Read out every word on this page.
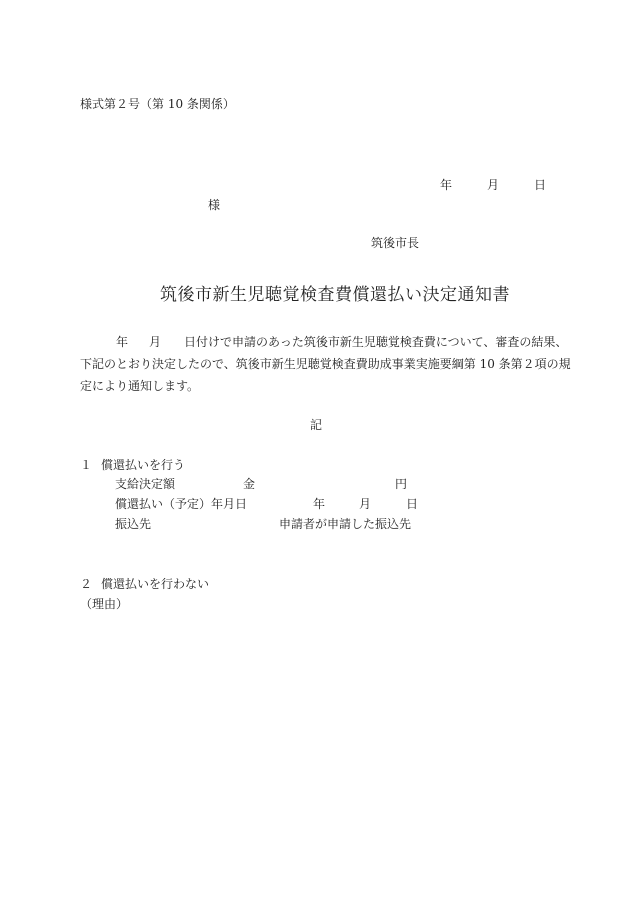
様式第２号（第 10 条関係）
年	月	日
様
筑後市長
筑後市新生児聴覚検査費償還払い決定通知書
年 月 日付けで申請のあった筑後市新生児聴覚検査費について、審査の結果、
下記のとおり決定したので、筑後市新生児聴覚検査費助成事業実施要綱第 10 条第２項の規
定により通知します。
記
１ 償還払いを行う
支給決定額	金	円
償還払い（予定）年月日	年	月	日
振込先	申請者が申請した振込先
２ 償還払いを行わない
（理由）
